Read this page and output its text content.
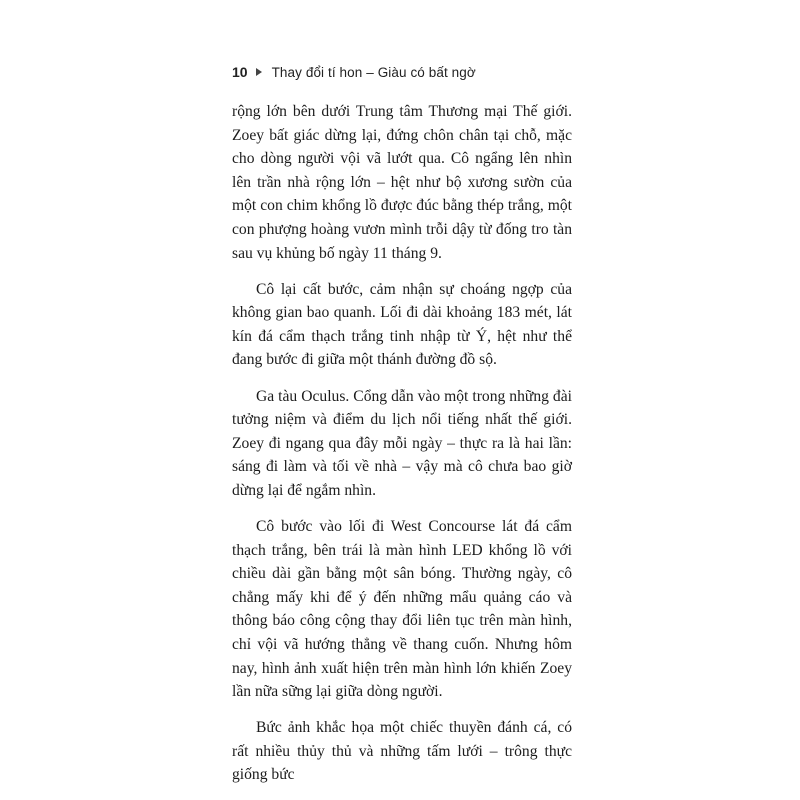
10 Thay đổi tí hon – Giàu có bất ngờ

rộng lớn bên dưới Trung tâm Thương mại Thế giới. Zoey bất giác dừng lại, đứng chôn chân tại chỗ, mặc cho dòng người vội vã lướt qua. Cô ngẩng lên nhìn lên trần nhà rộng lớn – hệt như bộ xương sườn của một con chim khổng lồ được đúc bằng thép trắng, một con phượng hoàng vươn mình trỗi dậy từ đống tro tàn sau vụ khủng bố ngày 11 tháng 9.

Cô lại cất bước, cảm nhận sự choáng ngợp của không gian bao quanh. Lối đi dài khoảng 183 mét, lát kín đá cẩm thạch trắng tinh nhập từ Ý, hệt như thể đang bước đi giữa một thánh đường đồ sộ.

Ga tàu Oculus. Cổng dẫn vào một trong những đài tưởng niệm và điểm du lịch nổi tiếng nhất thế giới. Zoey đi ngang qua đây mỗi ngày – thực ra là hai lần: sáng đi làm và tối về nhà – vậy mà cô chưa bao giờ dừng lại để ngắm nhìn.

Cô bước vào lối đi West Concourse lát đá cẩm thạch trắng, bên trái là màn hình LED khổng lồ với chiều dài gần bằng một sân bóng. Thường ngày, cô chẳng mấy khi để ý đến những mẩu quảng cáo và thông báo công cộng thay đổi liên tục trên màn hình, chỉ vội vã hướng thẳng về thang cuốn. Nhưng hôm nay, hình ảnh xuất hiện trên màn hình lớn khiến Zoey lần nữa sững lại giữa dòng người.

Bức ảnh khắc họa một chiếc thuyền đánh cá, có rất nhiều thủy thủ và những tấm lưới – trông thực giống bức
